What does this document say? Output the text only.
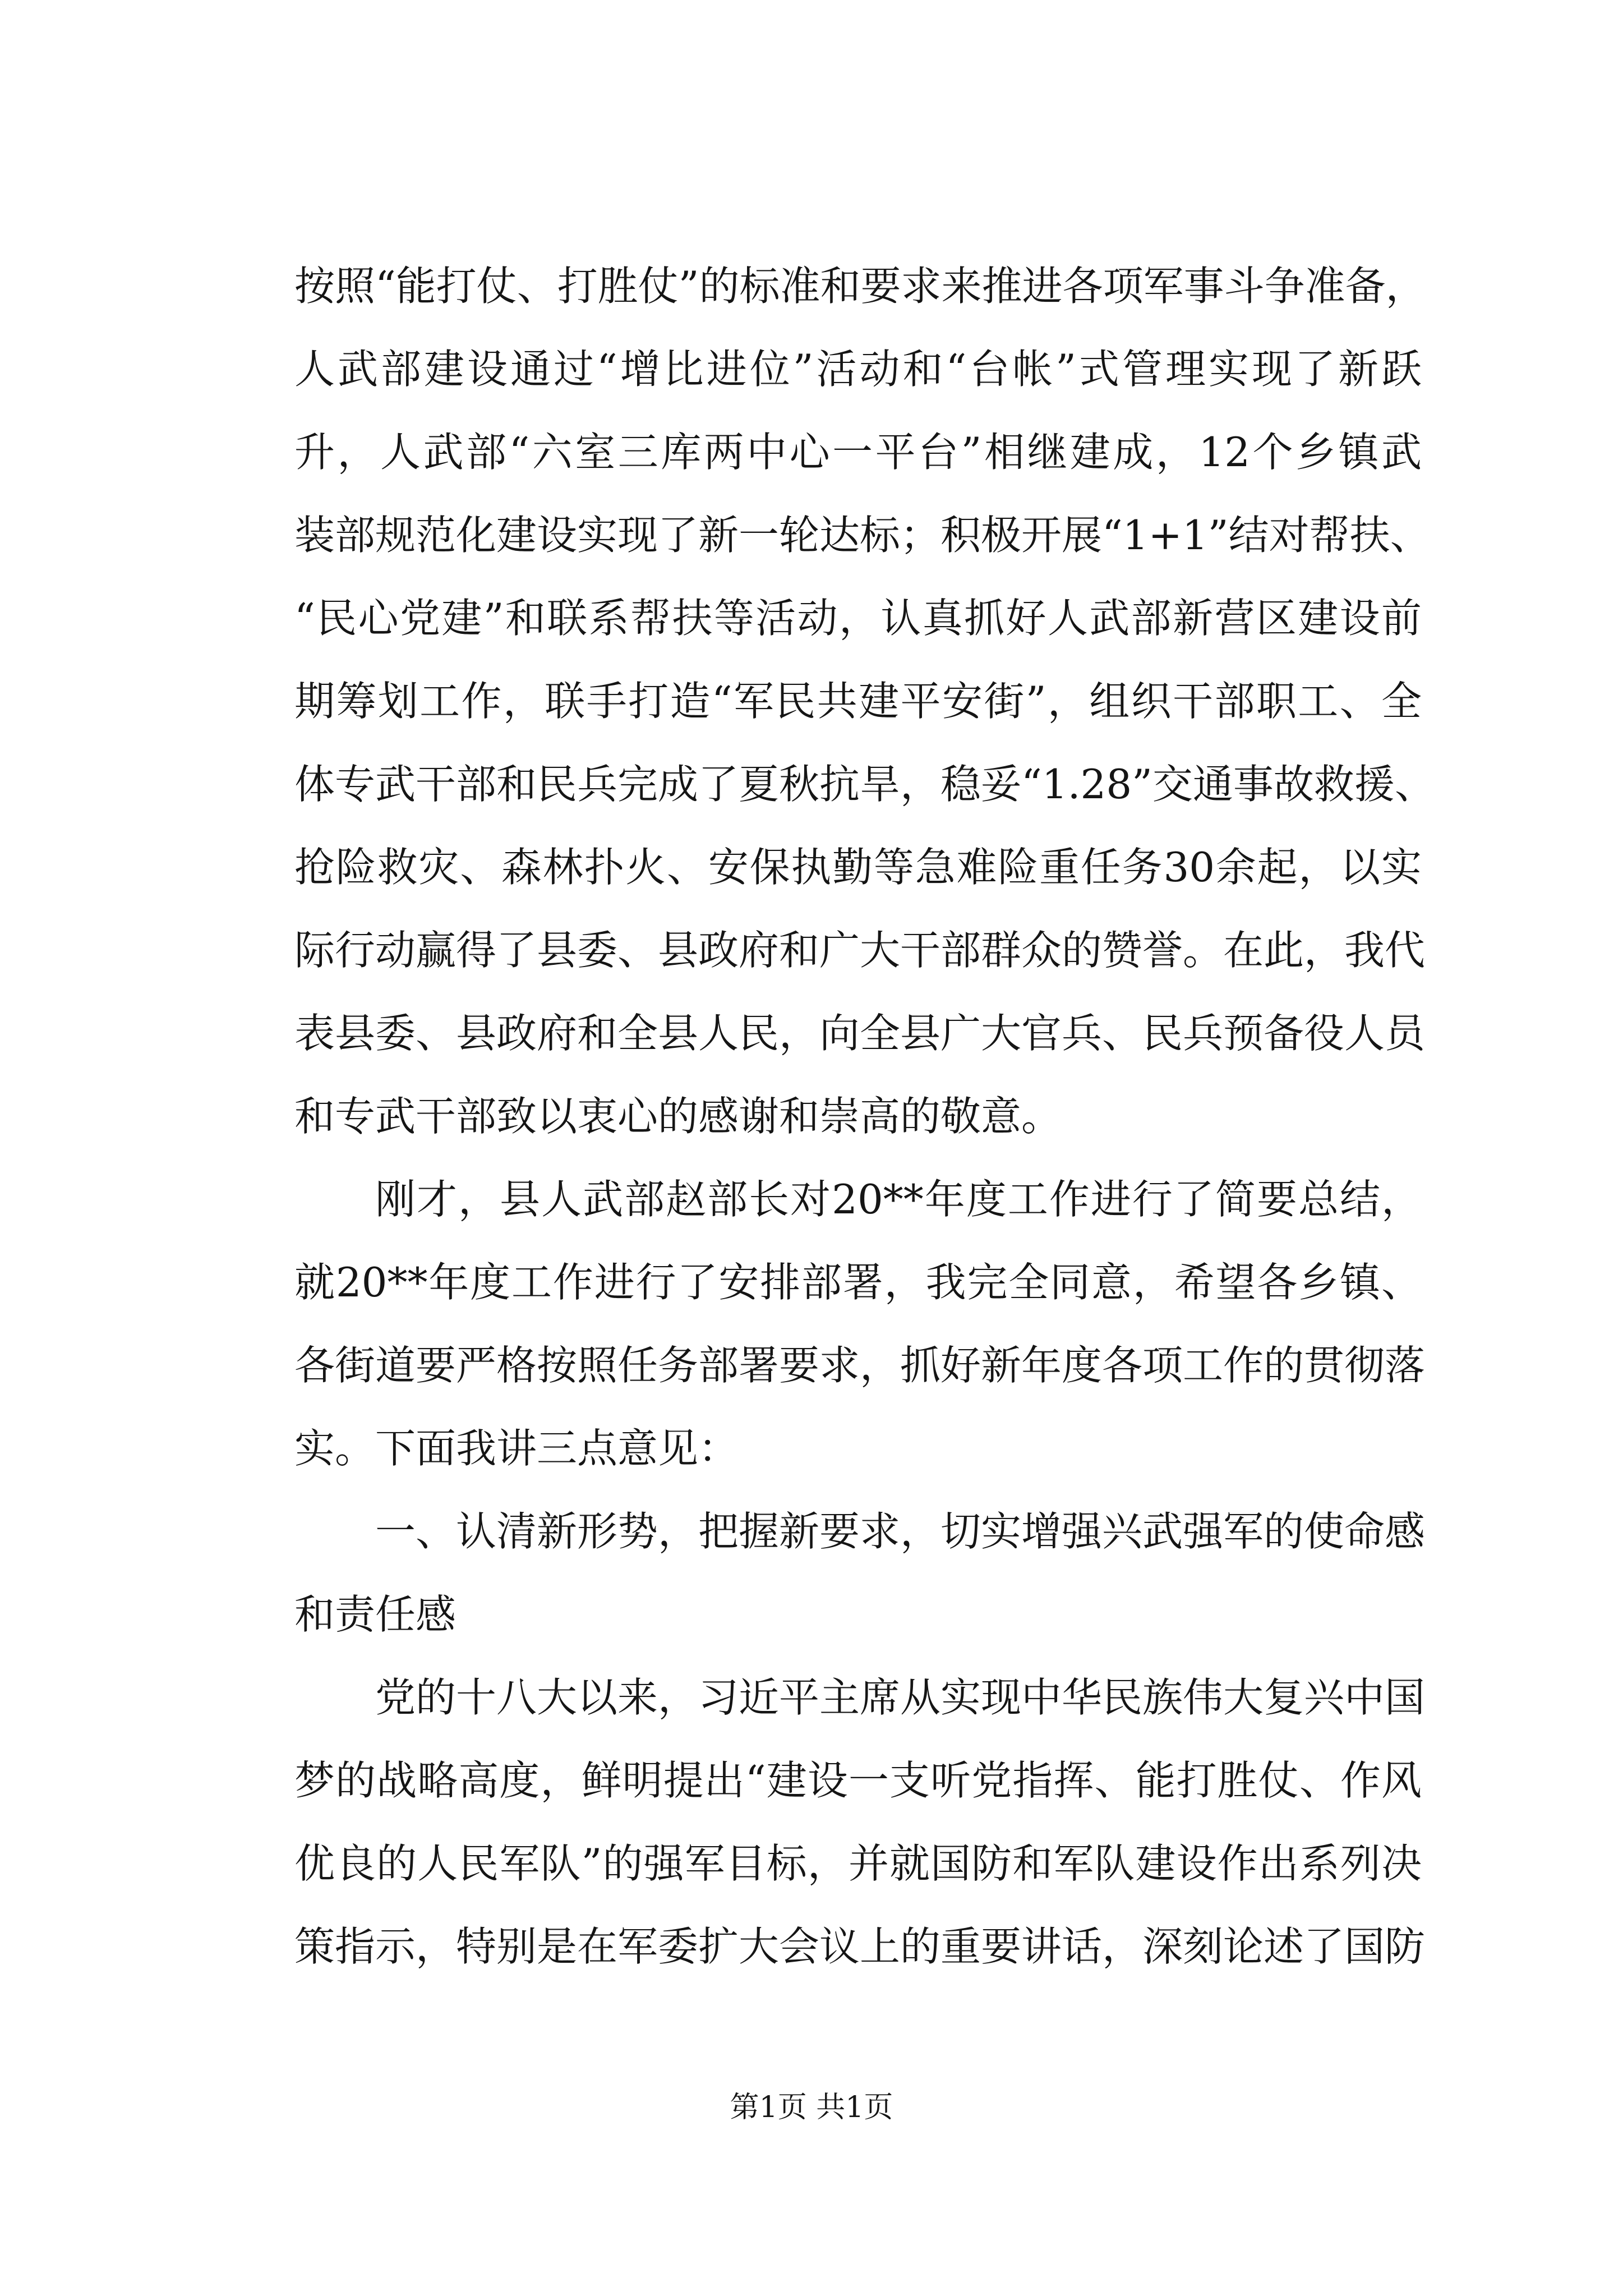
按照“能打仗、打胜仗”的标准和要求来推进各项军事斗争准备，
人武部建设通过“增比进位”活动和“台帐”式管理实现了新跃
升，人武部“六室三库两中心一平台”相继建成，12个乡镇武
装部规范化建设实现了新一轮达标；积极开展“1+1”结对帮扶、
“民心党建”和联系帮扶等活动，认真抓好人武部新营区建设前
期筹划工作，联手打造“军民共建平安街”，组织干部职工、全
体专武干部和民兵完成了夏秋抗旱，稳妥“1.28”交通事故救援、
抢险救灾、森林扑火、安保执勤等急难险重任务30余起，以实
际行动赢得了县委、县政府和广大干部群众的赞誉。在此，我代
表县委、县政府和全县人民，向全县广大官兵、民兵预备役人员
和专武干部致以衷心的感谢和崇高的敬意。
刚才，县人武部赵部长对20**年度工作进行了简要总结，
就20**年度工作进行了安排部署，我完全同意，希望各乡镇、
各街道要严格按照任务部署要求，抓好新年度各项工作的贯彻落
实。下面我讲三点意见：
一、认清新形势，把握新要求，切实增强兴武强军的使命感
和责任感
党的十八大以来，习近平主席从实现中华民族伟大复兴中国
梦的战略高度，鲜明提出“建设一支听党指挥、能打胜仗、作风
优良的人民军队”的强军目标，并就国防和军队建设作出系列决
策指示，特别是在军委扩大会议上的重要讲话，深刻论述了国防
第1页 共1页
